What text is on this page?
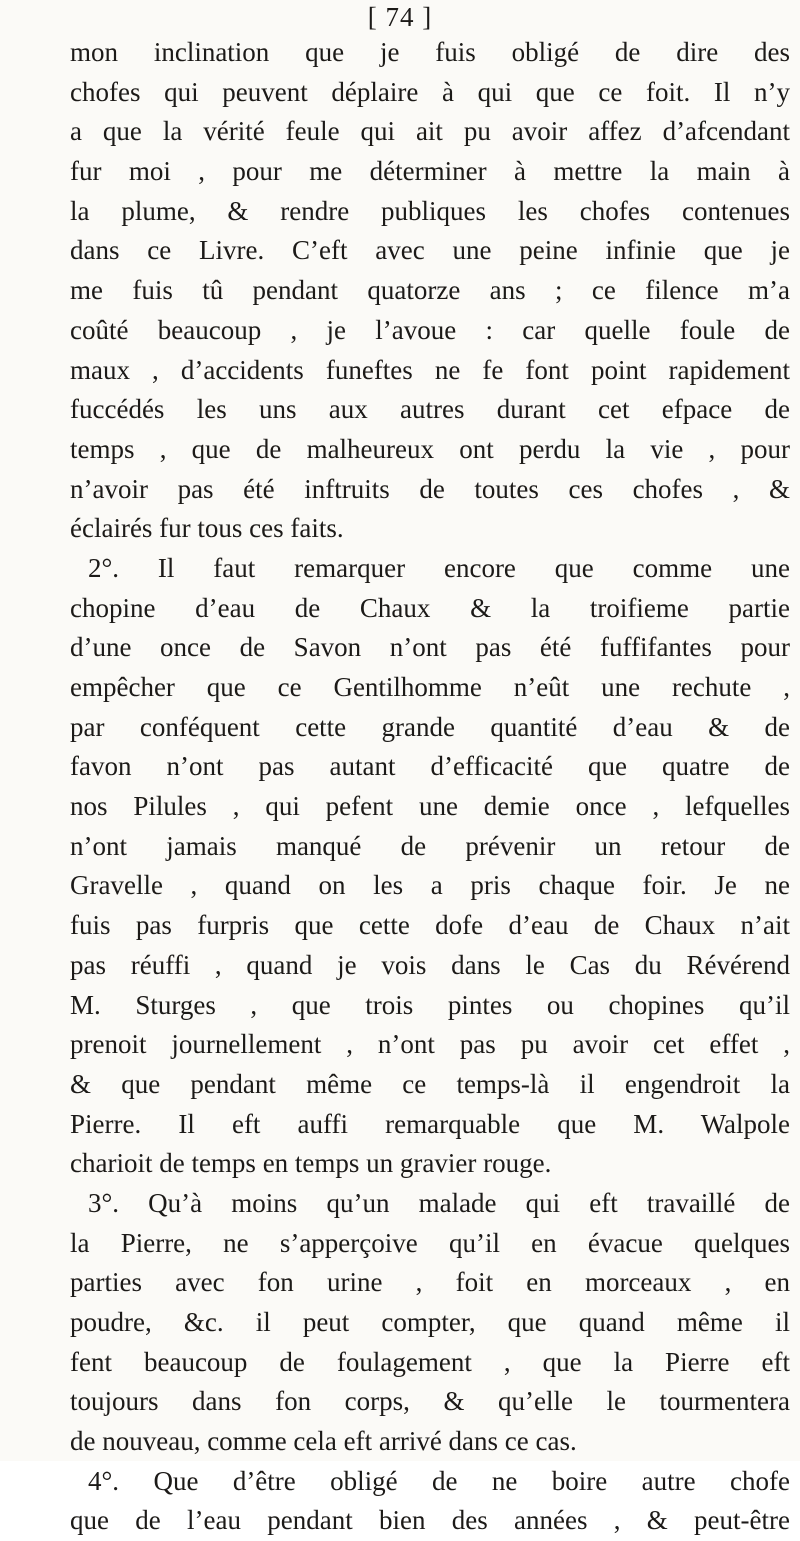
[ 74 ]
mon inclination que je fuis obligé de dire des
chofes qui peuvent déplaire à qui que ce foit. Il n’y
a que la vérité feule qui ait pu avoir affez d’afcendant
fur moi , pour me déterminer à mettre la main à
la plume, & rendre publiques les chofes contenues
dans ce Livre. C’eft avec une peine infinie que je
me fuis tû pendant quatorze ans ; ce filence m’a
coûté beaucoup , je l’avoue : car quelle foule de
maux , d’accidents funeftes ne fe font point rapidement
fuccédés les uns aux autres durant cet efpace de
temps , que de malheureux ont perdu la vie , pour
n’avoir pas été inftruits de toutes ces chofes , &
éclairés fur tous ces faits.
2°. Il faut remarquer encore que comme une
chopine d’eau de Chaux & la troifieme partie
d’une once de Savon n’ont pas été fuffifantes pour
empêcher que ce Gentilhomme n’eût une rechute ,
par conféquent cette grande quantité d’eau & de
favon n’ont pas autant d’efficacité que quatre de
nos Pilules , qui pefent une demie once , lefquelles
n’ont jamais manqué de prévenir un retour de
Gravelle , quand on les a pris chaque foir. Je ne
fuis pas furpris que cette dofe d’eau de Chaux n’ait
pas réuffi , quand je vois dans le Cas du Révérend
M. Sturges , que trois pintes ou chopines qu’il
prenoit journellement , n’ont pas pu avoir cet effet ,
& que pendant même ce temps-là il engendroit la
Pierre. Il eft auffi remarquable que M. Walpole
charioit de temps en temps un gravier rouge.
3°. Qu’à moins qu’un malade qui eft travaillé de
la Pierre, ne s’apperçoive qu’il en évacue quelques
parties avec fon urine , foit en morceaux , en
poudre, &c. il peut compter, que quand même il
fent beaucoup de foulagement , que la Pierre eft
toujours dans fon corps, & qu’elle le tourmentera
de nouveau, comme cela eft arrivé dans ce cas.
4°. Que d’être obligé de ne boire autre chofe
que de l’eau pendant bien des années , & peut-être
